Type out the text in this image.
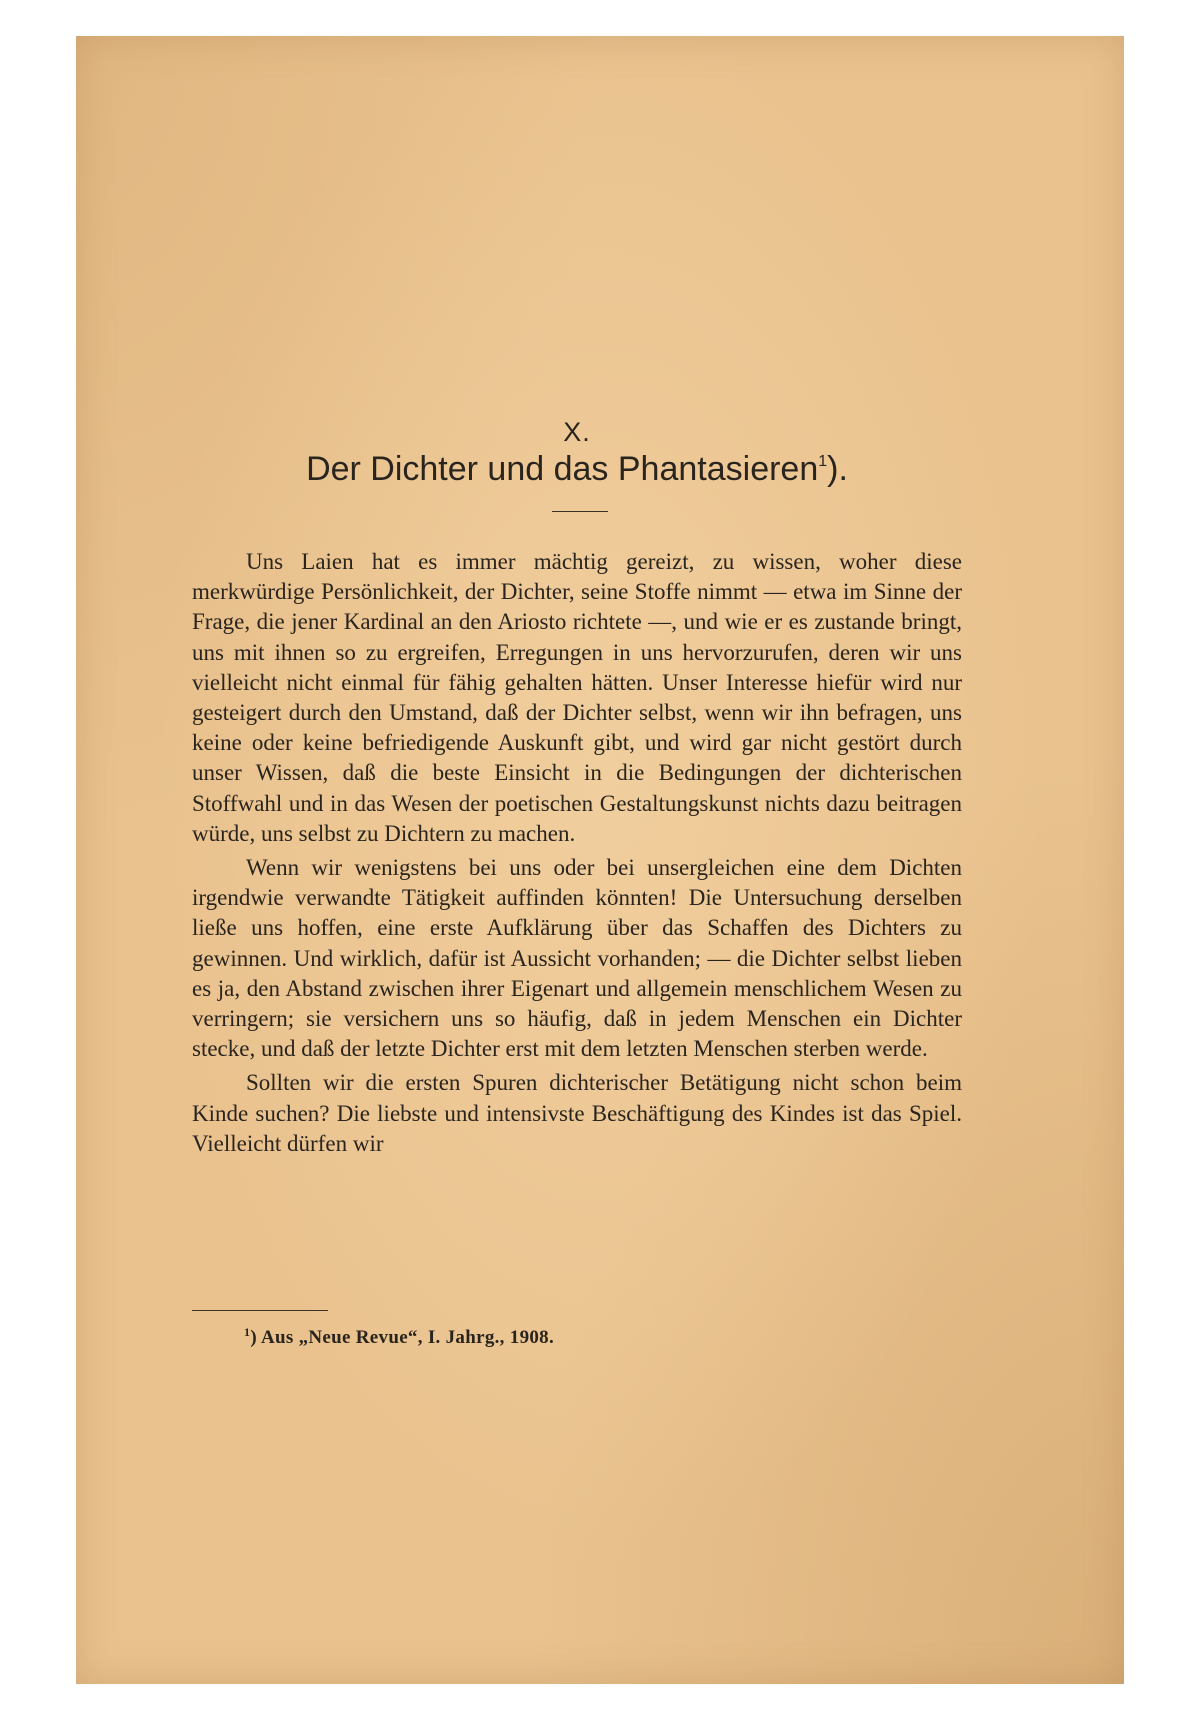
X.
Der Dichter und das Phantasieren$^1$).

Uns Laien hat es immer mächtig gereizt, zu wissen, woher diese merkwürdige Persönlichkeit, der Dichter, seine Stoffe nimmt — etwa im Sinne der Frage, die jener Kardinal an den Ariosto richtete —, und wie er es zustande bringt, uns mit ihnen so zu ergreifen, Erregungen in uns hervorzurufen, deren wir uns vielleicht nicht einmal für fähig gehalten hätten. Unser Interesse hiefür wird nur gesteigert durch den Umstand, daß der Dichter selbst, wenn wir ihn befragen, uns keine oder keine befriedigende Auskunft gibt, und wird gar nicht gestört durch unser Wissen, daß die beste Einsicht in die Bedingungen der dichterischen Stoffwahl und in das Wesen der poetischen Gestaltungskunst nichts dazu beitragen würde, uns selbst zu Dichtern zu machen.

Wenn wir wenigstens bei uns oder bei unsergleichen eine dem Dichten irgendwie verwandte Tätigkeit auffinden könnten! Die Untersuchung derselben ließe uns hoffen, eine erste Aufklärung über das Schaffen des Dichters zu gewinnen. Und wirklich, dafür ist Aussicht vorhanden; — die Dichter selbst lieben es ja, den Abstand zwischen ihrer Eigenart und allgemein menschlichem Wesen zu verringern; sie versichern uns so häufig, daß in jedem Menschen ein Dichter stecke, und daß der letzte Dichter erst mit dem letzten Menschen sterben werde.

Sollten wir die ersten Spuren dichterischer Betätigung nicht schon beim Kinde suchen? Die liebste und intensivste Beschäftigung des Kindes ist das Spiel. Vielleicht dürfen wir

$^1$) Aus „Neue Revue“, I. Jahrg., 1908.
